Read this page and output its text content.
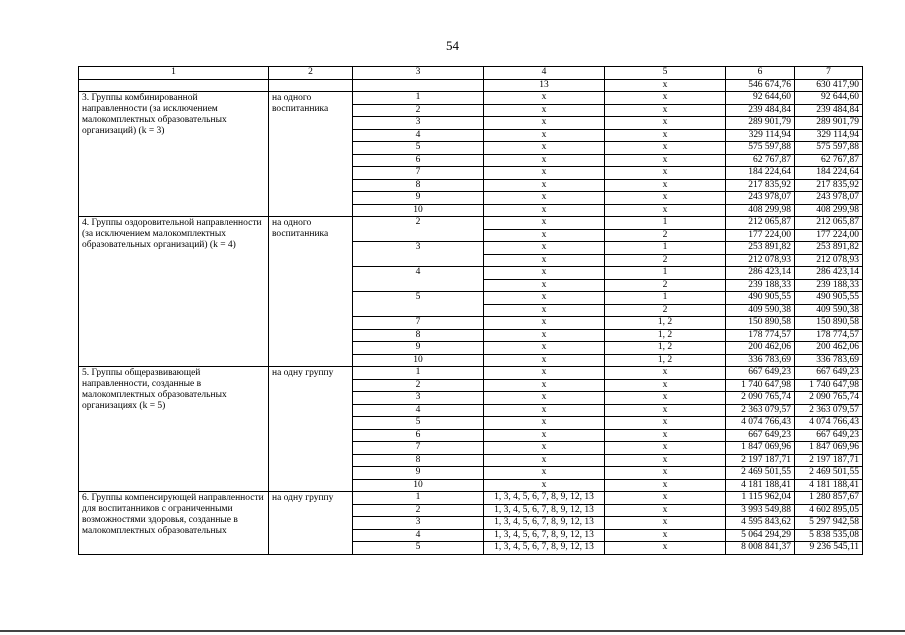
54
1	2	3	4	5	6	7
			13	x	546 674,76	630 417,90
3. Группы комбинированной направленности (за исключением малокомплектных образовательных организаций) (k = 3)	на одного воспитанника	1	x	x	92 644,60	92 644,60
		2	x	x	239 484,84	239 484,84
		3	x	x	289 901,79	289 901,79
		4	x	x	329 114,94	329 114,94
		5	x	x	575 597,88	575 597,88
		6	x	x	62 767,87	62 767,87
		7	x	x	184 224,64	184 224,64
		8	x	x	217 835,92	217 835,92
		9	x	x	243 978,07	243 978,07
		10	x	x	408 299,98	408 299,98
4. Группы оздоровительной направленности (за исключением малокомплектных образовательных организаций) (k = 4)	на одного воспитанника	2	x	1	212 065,87	212 065,87
			x	2	177 224,00	177 224,00
		3	x	1	253 891,82	253 891,82
			x	2	212 078,93	212 078,93
		4	x	1	286 423,14	286 423,14
			x	2	239 188,33	239 188,33
		5	x	1	490 905,55	490 905,55
			x	2	409 590,38	409 590,38
		7	x	1, 2	150 890,58	150 890,58
		8	x	1, 2	178 774,57	178 774,57
		9	x	1, 2	200 462,06	200 462,06
		10	x	1, 2	336 783,69	336 783,69
5. Группы общеразвивающей направленности, созданные в малокомплектных образовательных организациях (k = 5)	на одну группу	1	x	x	667 649,23	667 649,23
		2	x	x	1 740 647,98	1 740 647,98
		3	x	x	2 090 765,74	2 090 765,74
		4	x	x	2 363 079,57	2 363 079,57
		5	x	x	4 074 766,43	4 074 766,43
		6	x	x	667 649,23	667 649,23
		7	x	x	1 847 069,96	1 847 069,96
		8	x	x	2 197 187,71	2 197 187,71
		9	x	x	2 469 501,55	2 469 501,55
		10	x	x	4 181 188,41	4 181 188,41
6. Группы компенсирующей направленности для воспитанников с ограниченными возможностями здоровья, созданные в малокомплектных образовательных	на одну группу	1	1, 3, 4, 5, 6, 7, 8, 9, 12, 13	x	1 115 962,04	1 280 857,67
		2	1, 3, 4, 5, 6, 7, 8, 9, 12, 13	x	3 993 549,88	4 602 895,05
		3	1, 3, 4, 5, 6, 7, 8, 9, 12, 13	x	4 595 843,62	5 297 942,58
		4	1, 3, 4, 5, 6, 7, 8, 9, 12, 13	x	5 064 294,29	5 838 535,08
		5	1, 3, 4, 5, 6, 7, 8, 9, 12, 13	x	8 008 841,37	9 236 545,11
